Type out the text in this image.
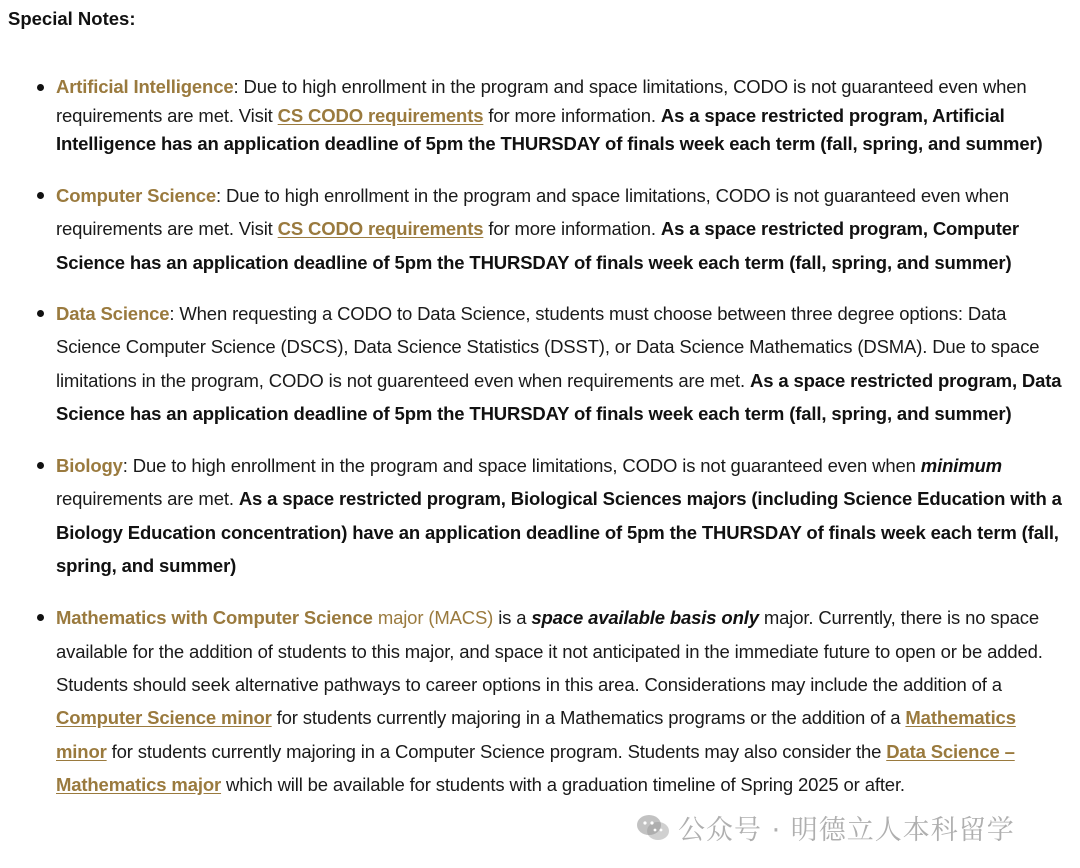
Special Notes:
Artificial Intelligence: Due to high enrollment in the program and space limitations, CODO is not guaranteed even when requirements are met. Visit CS CODO requirements for more information. As a space restricted program, Artificial Intelligence has an application deadline of 5pm the THURSDAY of finals week each term (fall, spring, and summer)
Computer Science: Due to high enrollment in the program and space limitations, CODO is not guaranteed even when requirements are met. Visit CS CODO requirements for more information. As a space restricted program, Computer Science has an application deadline of 5pm the THURSDAY of finals week each term (fall, spring, and summer)
Data Science: When requesting a CODO to Data Science, students must choose between three degree options: Data Science Computer Science (DSCS), Data Science Statistics (DSST), or Data Science Mathematics (DSMA). Due to space limitations in the program, CODO is not guarenteed even when requirements are met. As a space restricted program, Data Science has an application deadline of 5pm the THURSDAY of finals week each term (fall, spring, and summer)
Biology: Due to high enrollment in the program and space limitations, CODO is not guaranteed even when minimum requirements are met. As a space restricted program, Biological Sciences majors (including Science Education with a Biology Education concentration) have an application deadline of 5pm the THURSDAY of finals week each term (fall, spring, and summer)
Mathematics with Computer Science major (MACS) is a space available basis only major. Currently, there is no space available for the addition of students to this major, and space it not anticipated in the immediate future to open or be added. Students should seek alternative pathways to career options in this area. Considerations may include the addition of a Computer Science minor for students currently majoring in a Mathematics programs or the addition of a Mathematics minor for students currently majoring in a Computer Science program. Students may also consider the Data Science – Mathematics major which will be available for students with a graduation timeline of Spring 2025 or after.
公众号 · 明德立人本科留学
